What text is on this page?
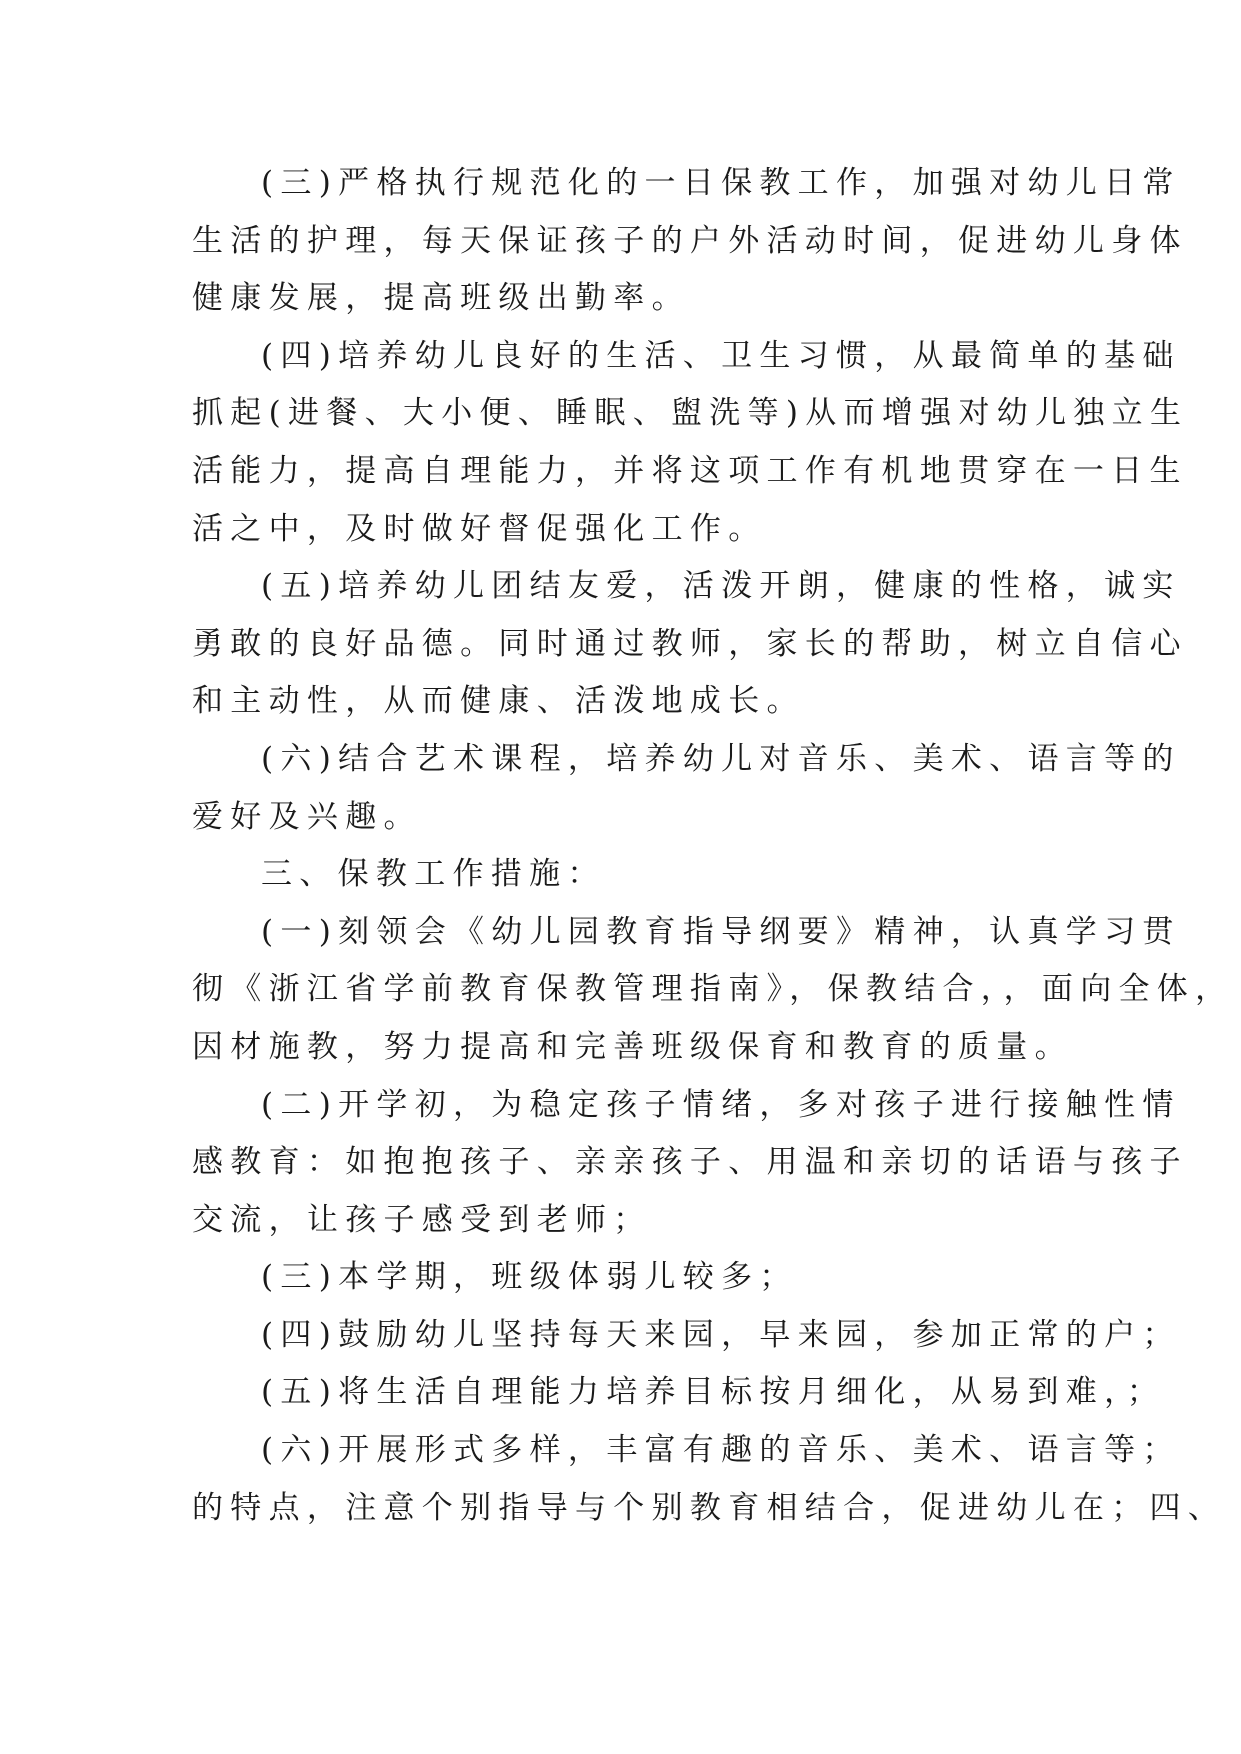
(三)严格执行规范化的一日保教工作，加强对幼儿日常
生活的护理，每天保证孩子的户外活动时间，促进幼儿身体
健康发展，提高班级出勤率。
(四)培养幼儿良好的生活、卫生习惯，从最简单的基础
抓起(进餐、大小便、睡眠、盥洗等)从而增强对幼儿独立生
活能力，提高自理能力，并将这项工作有机地贯穿在一日生
活之中，及时做好督促强化工作。
(五)培养幼儿团结友爱，活泼开朗，健康的性格，诚实
勇敢的良好品德。同时通过教师，家长的帮助，树立自信心
和主动性，从而健康、活泼地成长。
(六)结合艺术课程，培养幼儿对音乐、美术、语言等的
爱好及兴趣。
三、保教工作措施：
(一)刻领会《幼儿园教育指导纲要》精神，认真学习贯
彻《浙江省学前教育保教管理指南》，保教结合，，面向全体，
因材施教，努力提高和完善班级保育和教育的质量。
(二)开学初，为稳定孩子情绪，多对孩子进行接触性情
感教育：如抱抱孩子、亲亲孩子、用温和亲切的话语与孩子
交流，让孩子感受到老师；
(三)本学期，班级体弱儿较多；
(四)鼓励幼儿坚持每天来园，早来园，参加正常的户；
(五)将生活自理能力培养目标按月细化，从易到难，；
(六)开展形式多样，丰富有趣的音乐、美术、语言等；
的特点，注意个别指导与个别教育相结合，促进幼儿在；四、
